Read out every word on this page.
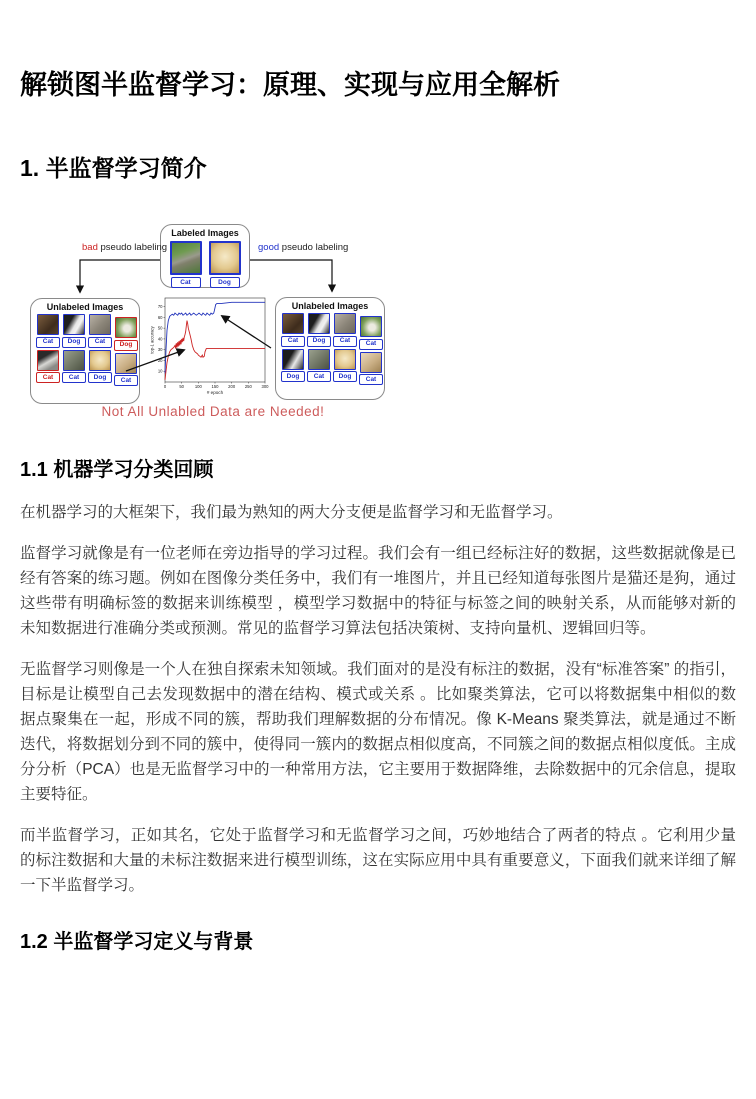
解锁图半监督学习：原理、实现与应用全解析
1. 半监督学习简介
Labeled Images
Cat	Dog
bad pseudo labeling	good pseudo labeling
Unlabeled Images
Cat	Dog	Cat	Dog
Cat	Cat	Dog	Cat
10
20
30
40
50
60
70
0	50	100 150 200 250 300
# epoch
top-1 accuracy
Unlabeled Images
Cat	Dog	Cat	Cat
Dog	Cat	Dog	Cat
Not All Unlabled Data are Needed!
1.1 机器学习分类回顾

在机器学习的大框架下，我们最为熟知的两大分支便是监督学习和无监督学习。

监督学习就像是有一位老师在旁边指导的学习过程。我们会有一组已经标注好的数据，这些数据就像是已经有答案的练习题。例如在图像分类任务中，我们有一堆图片，并且已经知道每张图片是猫还是狗，通过这些带有明确标签的数据来训练模型 ，模型学习数据中的特征与标签之间的映射关系，从而能够对新的未知数据进行准确分类或预测。常见的监督学习算法包括决策树、支持向量机、逻辑回归等。

无监督学习则像是一个人在独自探索未知领域。我们面对的是没有标注的数据，没有“标准答案” 的指引，目标是让模型自己去发现数据中的潜在结构、模式或关系 。比如聚类算法，它可以将数据集中相似的数据点聚集在一起，形成不同的簇，帮助我们理解数据的分布情况。像 K-Means 聚类算法，就是通过不断迭代，将数据划分到不同的簇中，使得同一簇内的数据点相似度高，不同簇之间的数据点相似度低。主成分分析（PCA）也是无监督学习中的一种常用方法，它主要用于数据降维，去除数据中的冗余信息，提取主要特征。

而半监督学习，正如其名，它处于监督学习和无监督学习之间，巧妙地结合了两者的特点 。它利用少量的标注数据和大量的未标注数据来进行模型训练，这在实际应用中具有重要意义，下面我们就来详细了解一下半监督学习。

1.2 半监督学习定义与背景
